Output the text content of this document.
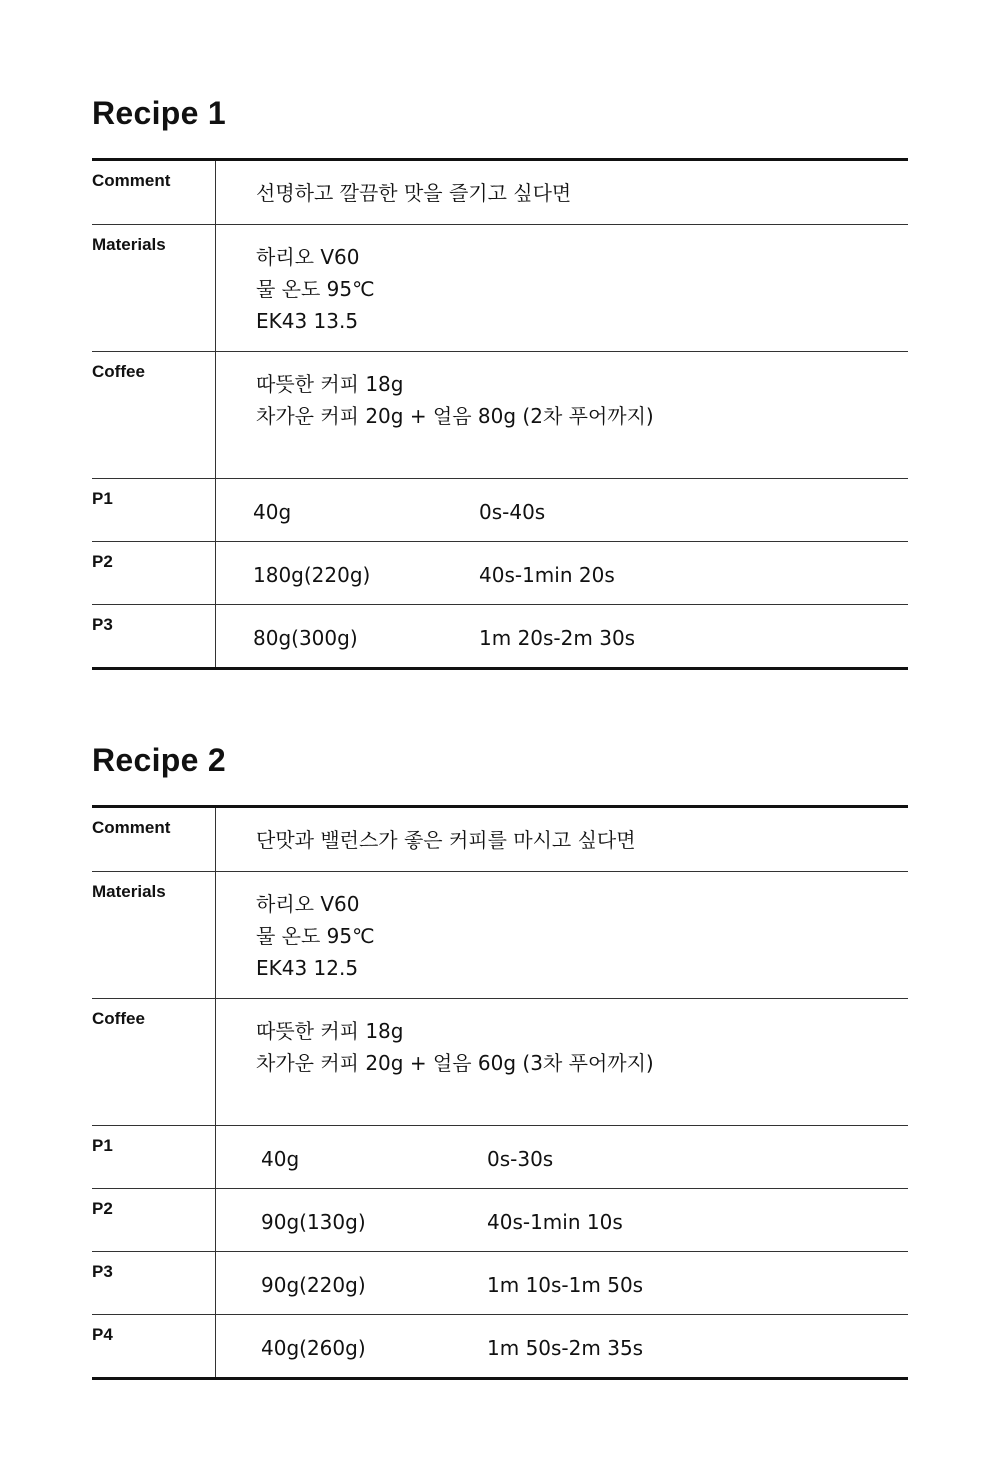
Recipe 1
Comment
선명하고 깔끔한 맛을 즐기고 싶다면
Materials
하리오 V60
물 온도 95℃
EK43 13.5
Coffee
따뜻한 커피 18g
차가운 커피 20g + 얼음 80g (2차 푸어까지)
P1
40g	0s-40s
P2
180g(220g)	40s-1min 20s
P3
80g(300g)	1m 20s-2m 30s
Recipe 2
Comment
단맛과 밸런스가 좋은 커피를 마시고 싶다면
Materials
하리오 V60
물 온도 95℃
EK43 12.5
Coffee
따뜻한 커피 18g
차가운 커피 20g + 얼음 60g (3차 푸어까지)
P1
40g	0s-30s
P2
90g(130g)	40s-1min 10s
P3
90g(220g)	1m 10s-1m 50s
P4
40g(260g)	1m 50s-2m 35s
